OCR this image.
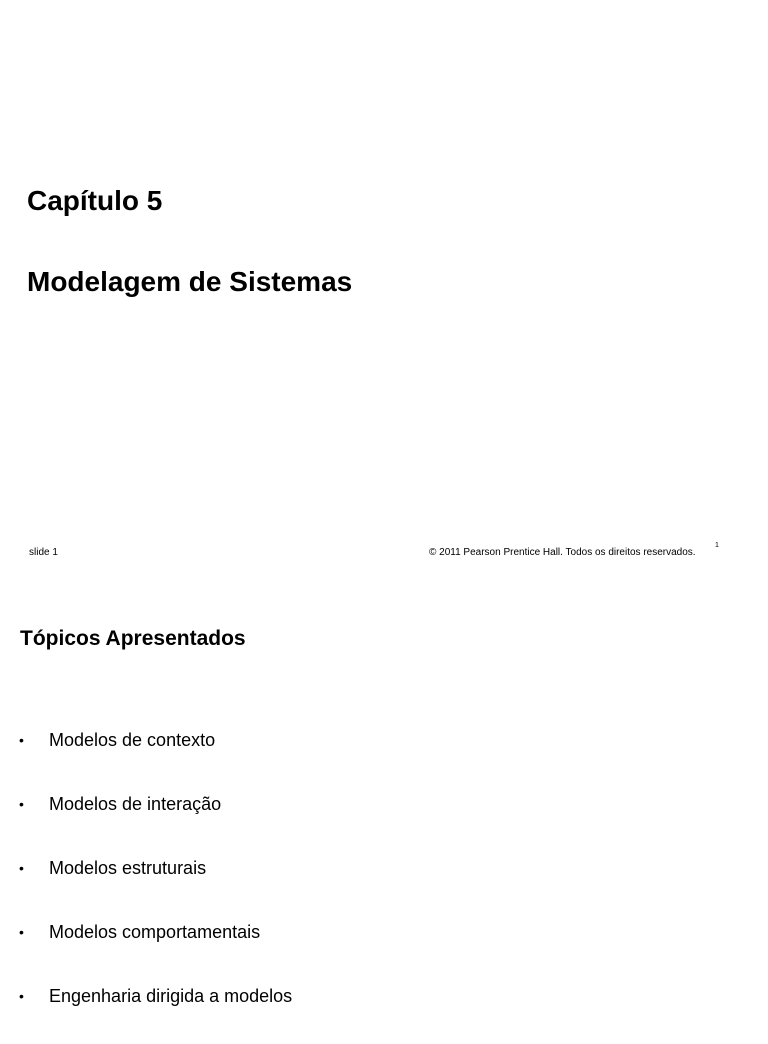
Capítulo 5
Modelagem de Sistemas
slide 1	© 2011 Pearson Prentice Hall. Todos os direitos reservados.
1
Tópicos Apresentados
• Modelos de contexto
• Modelos de interação
• Modelos estruturais
• Modelos comportamentais
• Engenharia dirigida a modelos
